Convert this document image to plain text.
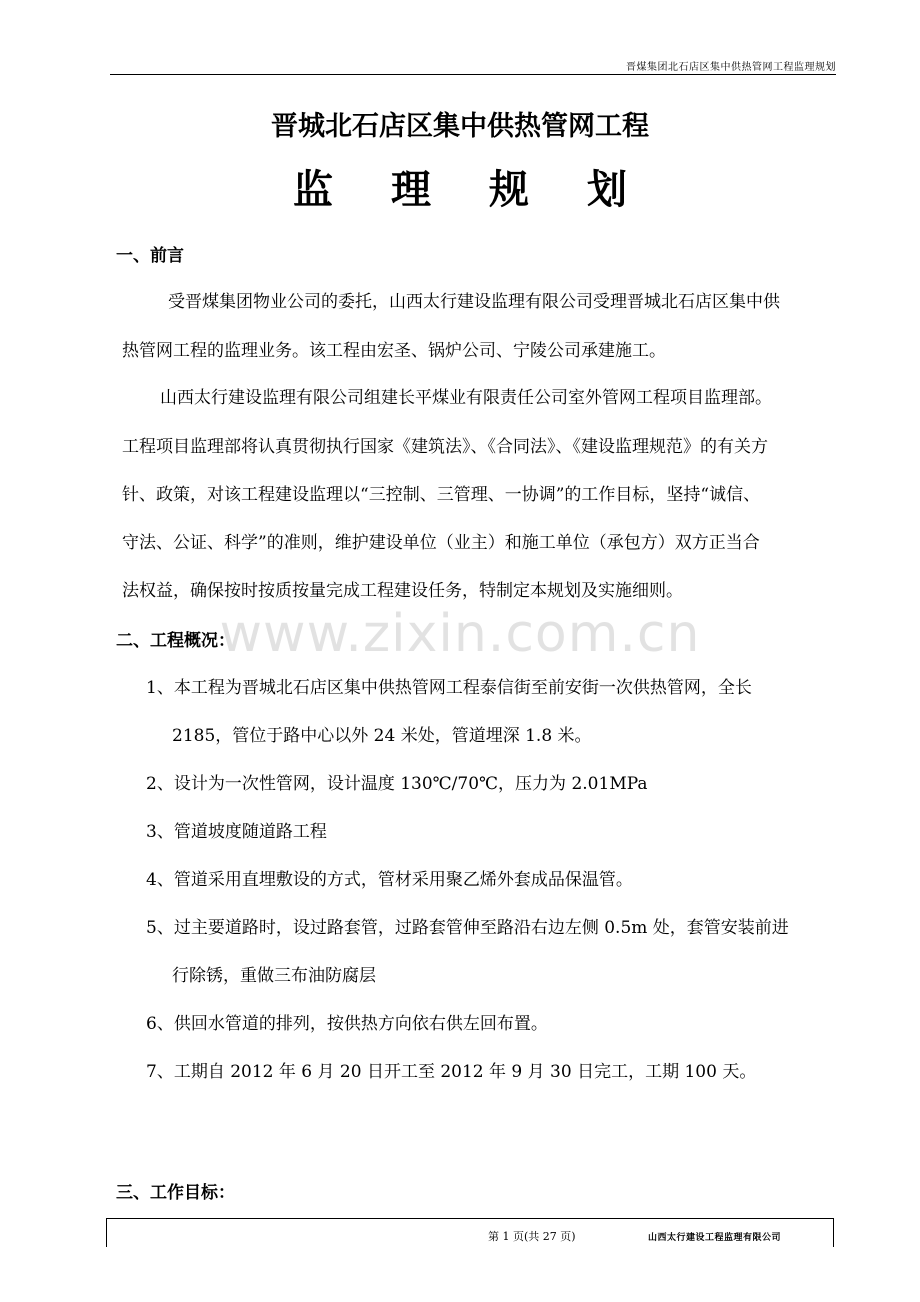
晋煤集团北石店区集中供热管网工程监理规划
晋城北石店区集中供热管网工程
监理规划
一、前言
受晋煤集团物业公司的委托，山西太行建设监理有限公司受理晋城北石店区集中供
热管网工程的监理业务。该工程由宏圣、锅炉公司、宁陵公司承建施工。
山西太行建设监理有限公司组建长平煤业有限责任公司室外管网工程项目监理部。
工程项目监理部将认真贯彻执行国家《建筑法》、《合同法》、《建设监理规范》的有关方
针、政策，对该工程建设监理以“三控制、三管理、一协调”的工作目标，坚持“诚信、
守法、公证、科学”的准则，维护建设单位（业主）和施工单位（承包方）双方正当合
法权益，确保按时按质按量完成工程建设任务，特制定本规划及实施细则。
www.zixin.com.cn
二、工程概况：
1、本工程为晋城北石店区集中供热管网工程泰信街至前安街一次供热管网，全长
2185，管位于路中心以外 24 米处，管道埋深 1.8 米。
2、设计为一次性管网，设计温度 130℃/70℃，压力为 2.01MPa
3、管道坡度随道路工程
4、管道采用直埋敷设的方式，管材采用聚乙烯外套成品保温管。
5、过主要道路时，设过路套管，过路套管伸至路沿右边左侧 0.5m 处，套管安装前进
行除锈，重做三布油防腐层
6、供回水管道的排列，按供热方向依右供左回布置。
7、工期自 2012 年 6 月 20 日开工至 2012 年 9 月 30 日完工，工期 100 天。
三、工作目标：
第 1 页(共 27 页)	山西太行建设工程监理有限公司
